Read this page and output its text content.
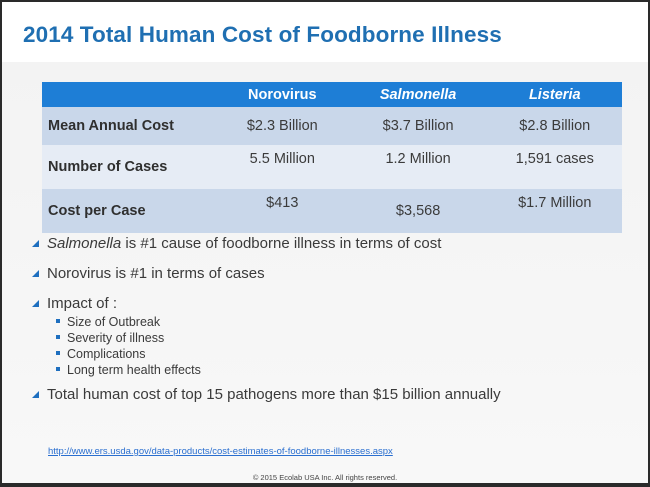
2014 Total Human Cost of Foodborne Illness
	Norovirus	Salmonella	Listeria
Mean Annual Cost	$2.3 Billion	$3.7 Billion	$2.8 Billion
Number of Cases	5.5 Million	1.2 Million	1,591 cases
Cost per Case	$413	$3,568	$1.7 Million
Salmonella is #1 cause of foodborne illness in terms of cost
Norovirus is #1 in terms of cases
Impact of :
Size of Outbreak
Severity of illness
Complications
Long term health effects
Total human cost of top 15 pathogens more than $15 billion annually
http://www.ers.usda.gov/data-products/cost-estimates-of-foodborne-illnesses.aspx
© 2015 Ecolab USA Inc. All rights reserved.
